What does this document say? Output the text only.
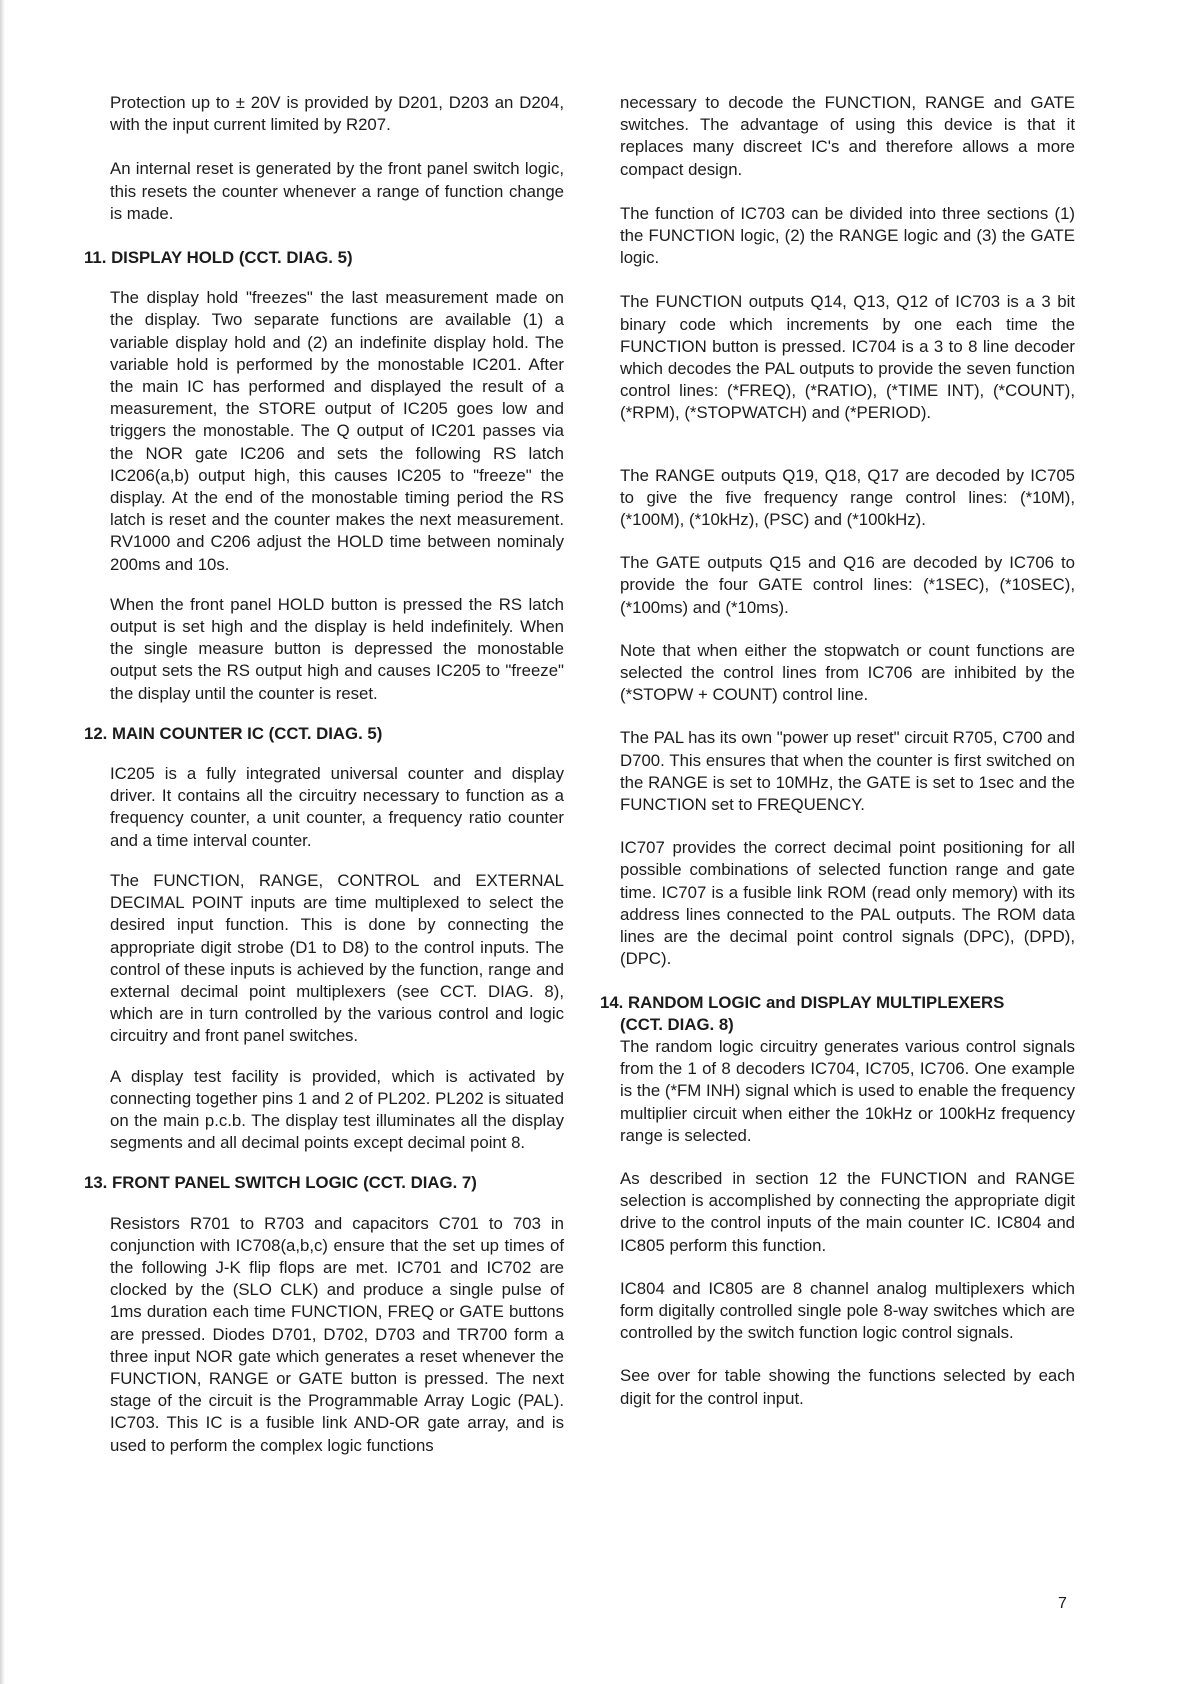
Protection up to ± 20V is provided by D201, D203 an D204, with the input current limited by R207.

An internal reset is generated by the front panel switch logic, this resets the counter whenever a range of function change is made.

11. DISPLAY HOLD (CCT. DIAG. 5)

The display hold "freezes" the last measurement made on the display. Two separate functions are available (1) a variable display hold and (2) an indefinite display hold. The variable hold is performed by the monostable IC201. After the main IC has performed and displayed the result of a measurement, the STORE output of IC205 goes low and triggers the monostable. The Q output of IC201 passes via the NOR gate IC206 and sets the following RS latch IC206(a,b) output high, this causes IC205 to "freeze" the display. At the end of the monostable timing period the RS latch is reset and the counter makes the next measurement. RV1000 and C206 adjust the HOLD time between nominaly 200ms and 10s.

When the front panel HOLD button is pressed the RS latch output is set high and the display is held indefinitely. When the single measure button is depressed the monostable output sets the RS output high and causes IC205 to "freeze" the display until the counter is reset.

12. MAIN COUNTER IC (CCT. DIAG. 5)

IC205 is a fully integrated universal counter and display driver. It contains all the circuitry necessary to function as a frequency counter, a unit counter, a frequency ratio counter and a time interval counter.

The FUNCTION, RANGE, CONTROL and EXTERNAL DECIMAL POINT inputs are time multiplexed to select the desired input function. This is done by connecting the appropriate digit strobe (D1 to D8) to the control inputs. The control of these inputs is achieved by the function, range and external decimal point multiplexers (see CCT. DIAG. 8), which are in turn controlled by the various control and logic circuitry and front panel switches.

A display test facility is provided, which is activated by connecting together pins 1 and 2 of PL202. PL202 is situated on the main p.c.b. The display test illuminates all the display segments and all decimal points except decimal point 8.

13. FRONT PANEL SWITCH LOGIC (CCT. DIAG. 7)

Resistors R701 to R703 and capacitors C701 to 703 in conjunction with IC708(a,b,c) ensure that the set up times of the following J-K flip flops are met. IC701 and IC702 are clocked by the (SLO CLK) and produce a single pulse of 1ms duration each time FUNCTION, FREQ or GATE buttons are pressed. Diodes D701, D702, D703 and TR700 form a three input NOR gate which generates a reset whenever the FUNCTION, RANGE or GATE button is pressed. The next stage of the circuit is the Programmable Array Logic (PAL). IC703. This IC is a fusible link AND-OR gate array, and is used to perform the complex logic functions

necessary to decode the FUNCTION, RANGE and GATE switches. The advantage of using this device is that it replaces many discreet IC's and therefore allows a more compact design.

The function of IC703 can be divided into three sections (1) the FUNCTION logic, (2) the RANGE logic and (3) the GATE logic.

The FUNCTION outputs Q14, Q13, Q12 of IC703 is a 3 bit binary code which increments by one each time the FUNCTION button is pressed. IC704 is a 3 to 8 line decoder which decodes the PAL outputs to provide the seven function control lines: (*FREQ), (*RATIO), (*TIME INT), (*COUNT), (*RPM), (*STOPWATCH) and (*PERIOD).

The RANGE outputs Q19, Q18, Q17 are decoded by IC705 to give the five frequency range control lines: (*10M), (*100M), (*10kHz), (PSC) and (*100kHz).

The GATE outputs Q15 and Q16 are decoded by IC706 to provide the four GATE control lines: (*1SEC), (*10SEC), (*100ms) and (*10ms).

Note that when either the stopwatch or count functions are selected the control lines from IC706 are inhibited by the (*STOPW + COUNT) control line.

The PAL has its own "power up reset" circuit R705, C700 and D700. This ensures that when the counter is first switched on the RANGE is set to 10MHz, the GATE is set to 1sec and the FUNCTION set to FREQUENCY.

IC707 provides the correct decimal point positioning for all possible combinations of selected function range and gate time. IC707 is a fusible link ROM (read only memory) with its address lines connected to the PAL outputs. The ROM data lines are the decimal point control signals (DPC), (DPD), (DPC).

14. RANDOM LOGIC and DISPLAY MULTIPLEXERS
(CCT. DIAG. 8)

The random logic circuitry generates various control signals from the 1 of 8 decoders IC704, IC705, IC706. One example is the (*FM INH) signal which is used to enable the frequency multiplier circuit when either the 10kHz or 100kHz frequency range is selected.

As described in section 12 the FUNCTION and RANGE selection is accomplished by connecting the appropriate digit drive to the control inputs of the main counter IC. IC804 and IC805 perform this function.

IC804 and IC805 are 8 channel analog multiplexers which form digitally controlled single pole 8-way switches which are controlled by the switch function logic control signals.

See over for table showing the functions selected by each digit for the control input.

7
